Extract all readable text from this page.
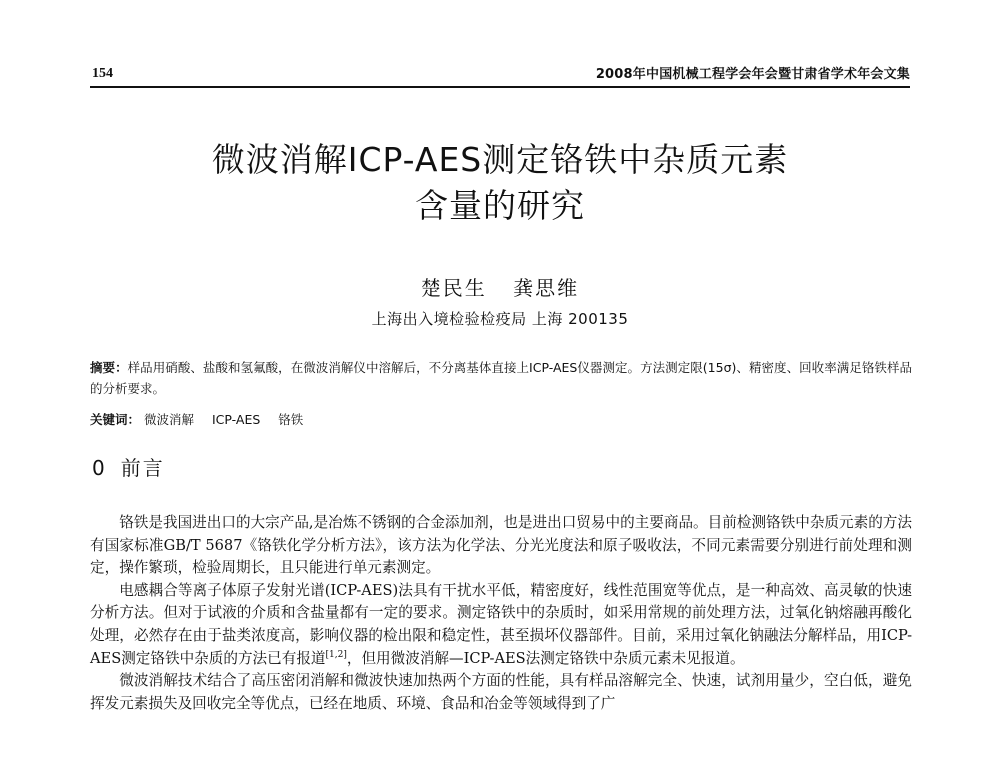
154	2008年中国机械工程学会年会暨甘肃省学术年会文集
微波消解ICP-AES测定铬铁中杂质元素
含量的研究
楚民生 龚思维
上海出入境检验检疫局 上海 200135
摘要：样品用硝酸、盐酸和氢氟酸，在微波消解仪中溶解后，不分离基体直接上ICP-AES仪器测定。方法测定限(15σ)、精密度、回收率满足铬铁样品的分析要求。
关键词： 微波消解 ICP-AES 铬铁
0 前言

铬铁是我国进出口的大宗产品,是冶炼不锈钢的合金添加剂，也是进出口贸易中的主要商品。目前检测铬铁中杂质元素的方法有国家标准GB/T 5687《铬铁化学分析方法》，该方法为化学法、分光光度法和原子吸收法，不同元素需要分别进行前处理和测定，操作繁琐，检验周期长，且只能进行单元素测定。

电感耦合等离子体原子发射光谱(ICP-AES)法具有干扰水平低，精密度好，线性范围宽等优点，是一种高效、高灵敏的快速分析方法。但对于试液的介质和含盐量都有一定的要求。测定铬铁中的杂质时，如采用常规的前处理方法，过氧化钠熔融再酸化处理，必然存在由于盐类浓度高，影响仪器的检出限和稳定性，甚至损坏仪器部件。目前，采用过氧化钠融法分解样品，用ICP-AES测定铬铁中杂质的方法已有报道[1,2]，但用微波消解—ICP-AES法测定铬铁中杂质元素未见报道。

微波消解技术结合了高压密闭消解和微波快速加热两个方面的性能，具有样品溶解完全、快速，试剂用量少，空白低，避免挥发元素损失及回收完全等优点，已经在地质、环境、食品和冶金等领域得到了广
